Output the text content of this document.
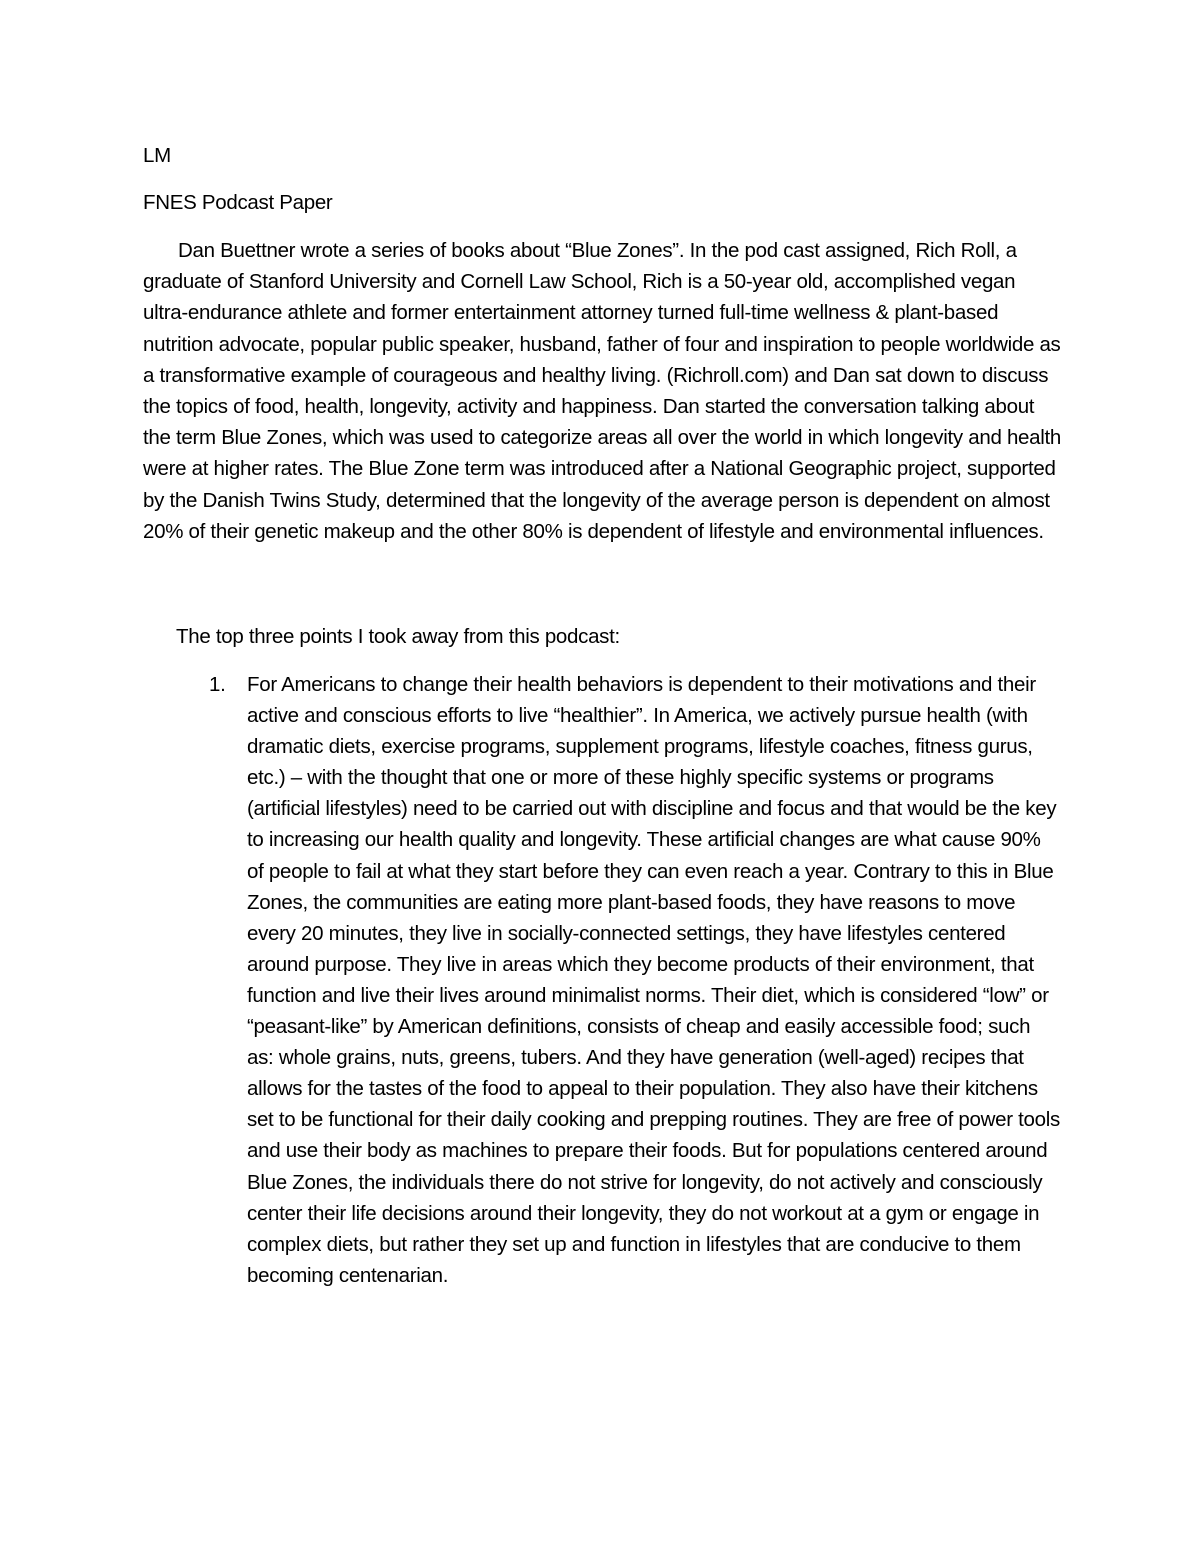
LM

FNES Podcast Paper

Dan Buettner wrote a series of books about “Blue Zones”. In the pod cast assigned, Rich Roll, a graduate of Stanford University and Cornell Law School, Rich is a 50-year old, accomplished vegan ultra-endurance athlete and former entertainment attorney turned full-time wellness & plant-based nutrition advocate, popular public speaker, husband, father of four and inspiration to people worldwide as a transformative example of courageous and healthy living. (Richroll.com) and Dan sat down to discuss the topics of food, health, longevity, activity and happiness. Dan started the conversation talking about the term Blue Zones, which was used to categorize areas all over the world in which longevity and health were at higher rates. The Blue Zone term was introduced after a National Geographic project, supported by the Danish Twins Study, determined that the longevity of the average person is dependent on almost 20% of their genetic makeup and the other 80% is dependent of lifestyle and environmental influences.

The top three points I took away from this podcast:

1. For Americans to change their health behaviors is dependent to their motivations and their active and conscious efforts to live “healthier”. In America, we actively pursue health (with dramatic diets, exercise programs, supplement programs, lifestyle coaches, fitness gurus, etc.) – with the thought that one or more of these highly specific systems or programs (artificial lifestyles) need to be carried out with discipline and focus and that would be the key to increasing our health quality and longevity. These artificial changes are what cause 90% of people to fail at what they start before they can even reach a year. Contrary to this in Blue Zones, the communities are eating more plant-based foods, they have reasons to move every 20 minutes, they live in socially-connected settings, they have lifestyles centered around purpose. They live in areas which they become products of their environment, that function and live their lives around minimalist norms. Their diet, which is considered “low” or “peasant-like” by American definitions, consists of cheap and easily accessible food; such as: whole grains, nuts, greens, tubers. And they have generation (well-aged) recipes that allows for the tastes of the food to appeal to their population. They also have their kitchens set to be functional for their daily cooking and prepping routines. They are free of power tools and use their body as machines to prepare their foods. But for populations centered around Blue Zones, the individuals there do not strive for longevity, do not actively and consciously center their life decisions around their longevity, they do not workout at a gym or engage in complex diets, but rather they set up and function in lifestyles that are conducive to them becoming centenarian.
